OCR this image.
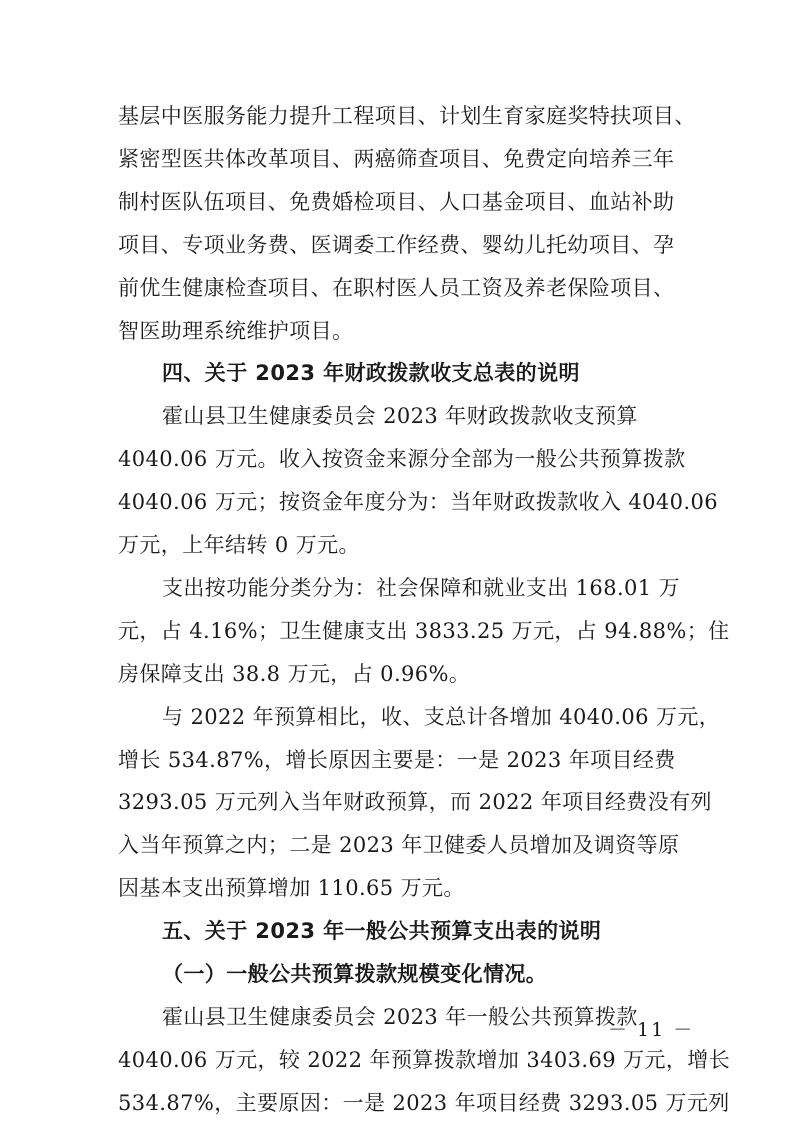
基层中医服务能力提升工程项目、计划生育家庭奖特扶项目、
紧密型医共体改革项目、两癌筛查项目、免费定向培养三年
制村医队伍项目、免费婚检项目、人口基金项目、血站补助
项目、专项业务费、医调委工作经费、婴幼儿托幼项目、孕
前优生健康检查项目、在职村医人员工资及养老保险项目、
智医助理系统维护项目。
四、关于 2023 年财政拨款收支总表的说明
霍山县卫生健康委员会 2023 年财政拨款收支预算
4040.06 万元。收入按资金来源分全部为一般公共预算拨款
4040.06 万元；按资金年度分为：当年财政拨款收入 4040.06
万元，上年结转 0 万元。
支出按功能分类分为：社会保障和就业支出 168.01 万
元，占 4.16%；卫生健康支出 3833.25 万元，占 94.88%；住
房保障支出 38.8 万元，占 0.96%。
与 2022 年预算相比，收、支总计各增加 4040.06 万元，
增长 534.87%，增长原因主要是：一是 2023 年项目经费
3293.05 万元列入当年财政预算，而 2022 年项目经费没有列
入当年预算之内；二是 2023 年卫健委人员增加及调资等原
因基本支出预算增加 110.65 万元。
五、关于 2023 年一般公共预算支出表的说明
（一）一般公共预算拨款规模变化情况。
霍山县卫生健康委员会 2023 年一般公共预算拨款
4040.06 万元，较 2022 年预算拨款增加 3403.69 万元，增长
534.87%，主要原因：一是 2023 年项目经费 3293.05 万元列
－ 11 －
